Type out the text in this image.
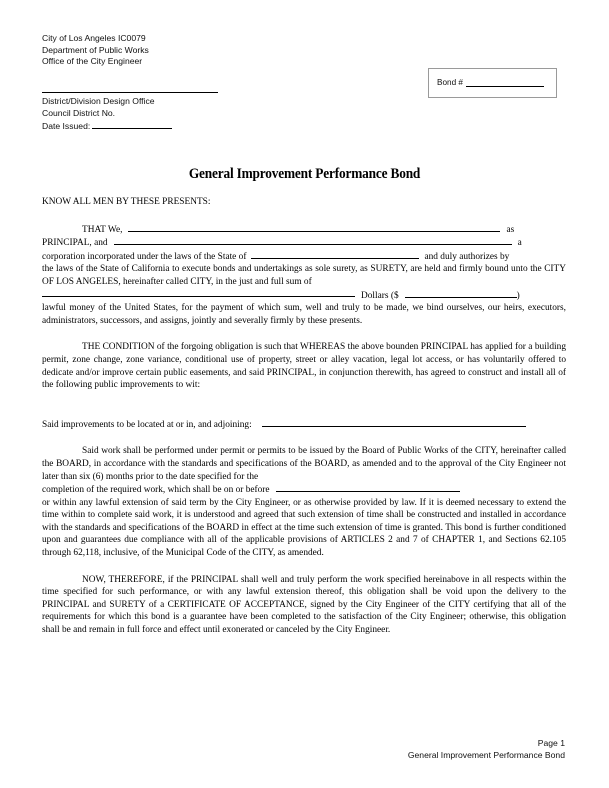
City of Los Angeles IC0079
Department of Public Works
Office of the City Engineer
Bond #
District/Division Design Office
Council District No.
Date Issued:
General Improvement Performance Bond

KNOW ALL MEN BY THESE PRESENTS:

THAT We,	as
PRINCIPAL, and	a
corporation incorporated under the laws of the State of	and duly authorizes by

the laws of the State of California to execute bonds and undertakings as sole surety, as SURETY, are held and firmly bound unto the CITY OF LOS ANGELES, hereinafter called CITY, in the just and full sum of

Dollars ($	)

lawful money of the United States, for the payment of which sum, well and truly to be made, we bind ourselves, our heirs, executors, administrators, successors, and assigns, jointly and severally firmly by these presents.

THE CONDITION of the forgoing obligation is such that WHEREAS the above bounden PRINCIPAL has applied for a building permit, zone change, zone variance, conditional use of property, street or alley vacation, legal lot access, or has voluntarily offered to dedicate and/or improve certain public easements, and said PRINCIPAL, in conjunction therewith, has agreed to construct and install all of the following public improvements to wit:

Said improvements to be located at or in, and adjoining:

Said work shall be performed under permit or permits to be issued by the Board of Public Works of the CITY, hereinafter called the BOARD, in accordance with the standards and specifications of the BOARD, as amended and to the approval of the City Engineer not later than six (6) months prior to the date specified for the

completion of the required work, which shall be on or before

or within any lawful extension of said term by the City Engineer, or as otherwise provided by law. If it is deemed necessary to extend the time within to complete said work, it is understood and agreed that such extension of time shall be constructed and installed in accordance with the standards and specifications of the BOARD in effect at the time such extension of time is granted. This bond is further conditioned upon and guarantees due compliance with all of the applicable provisions of ARTICLES 2 and 7 of CHAPTER 1, and Sections 62.105 through 62,118, inclusive, of the Municipal Code of the CITY, as amended.

NOW, THEREFORE, if the PRINCIPAL shall well and truly perform the work specified hereinabove in all respects within the time specified for such performance, or with any lawful extension thereof, this obligation shall be void upon the delivery to the PRINCIPAL and SURETY of a CERTIFICATE OF ACCEPTANCE, signed by the City Engineer of the CITY certifying that all of the requirements for which this bond is a guarantee have been completed to the satisfaction of the City Engineer; otherwise, this obligation shall be and remain in full force and effect until exonerated or canceled by the City Engineer.

Page 1
General Improvement Performance Bond
